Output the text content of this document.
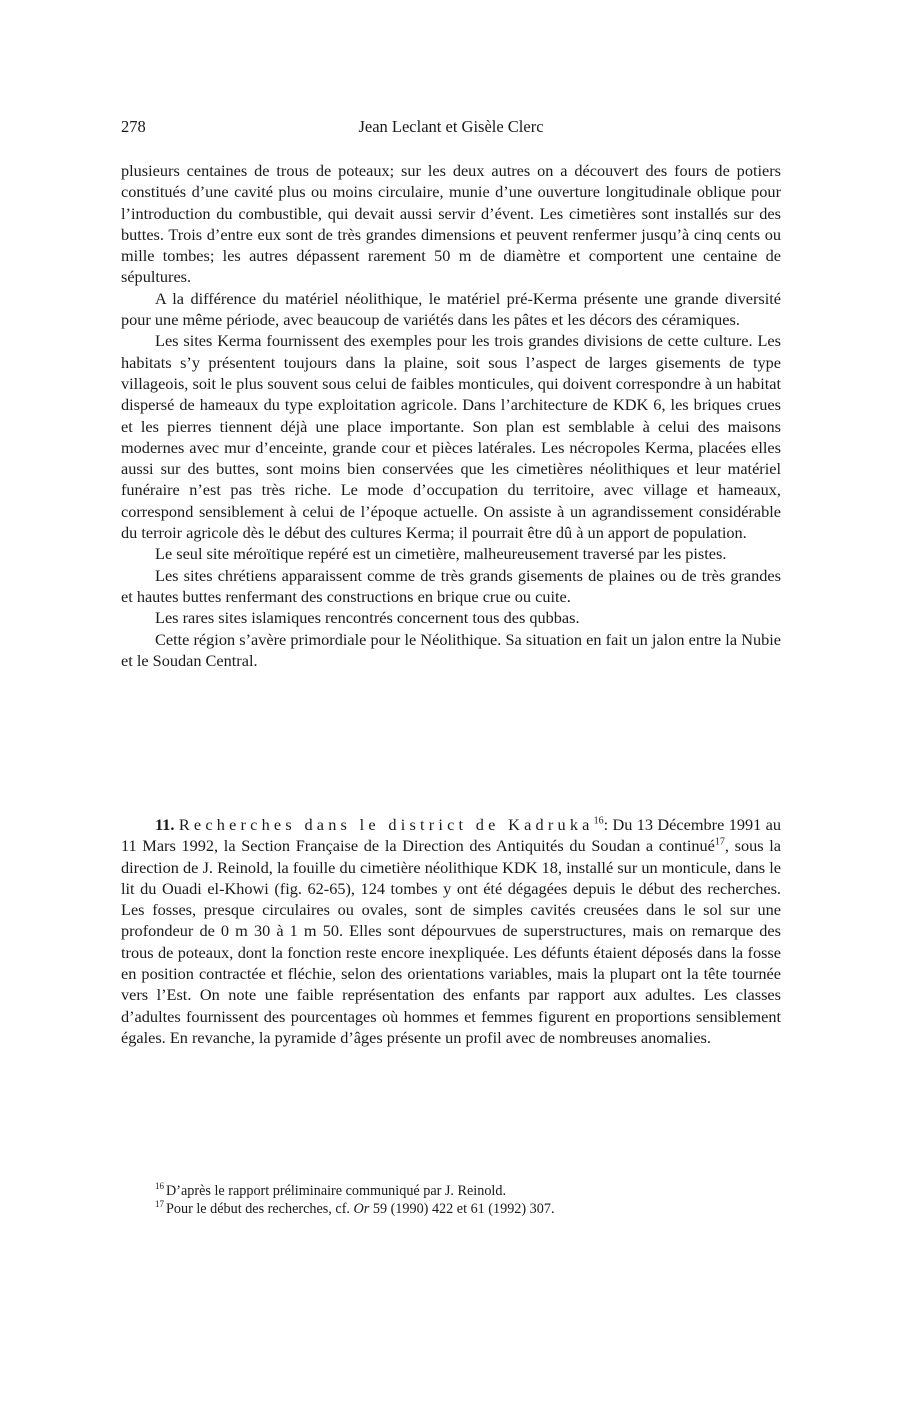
278	Jean Leclant et Gisèle Clerc

plusieurs centaines de trous de poteaux; sur les deux autres on a découvert des fours de potiers constitués d’une cavité plus ou moins circulaire, munie d’une ouverture longitudinale oblique pour l’introduction du combustible, qui devait aussi servir d’évent. Les cimetières sont installés sur des buttes. Trois d’entre eux sont de très grandes dimensions et peuvent renfermer jusqu’à cinq cents ou mille tombes; les autres dépassent rarement 50 m de diamètre et comportent une centaine de sépultures.

A la différence du matériel néolithique, le matériel pré-Kerma présente une grande diversité pour une même période, avec beaucoup de variétés dans les pâtes et les décors des céramiques.

Les sites Kerma fournissent des exemples pour les trois grandes divisions de cette culture. Les habitats s’y présentent toujours dans la plaine, soit sous l’aspect de larges gisements de type villageois, soit le plus souvent sous celui de faibles monticules, qui doivent correspondre à un habitat dispersé de hameaux du type exploitation agricole. Dans l’architecture de KDK 6, les briques crues et les pierres tiennent déjà une place importante. Son plan est semblable à celui des maisons modernes avec mur d’enceinte, grande cour et pièces latérales. Les nécropoles Kerma, placées elles aussi sur des buttes, sont moins bien conservées que les cimetières néolithiques et leur matériel funéraire n’est pas très riche. Le mode d’occupation du territoire, avec village et hameaux, correspond sensiblement à celui de l’époque actuelle. On assiste à un agrandissement considérable du terroir agricole dès le début des cultures Kerma; il pourrait être dû à un apport de population.

Le seul site méroïtique repéré est un cimetière, malheureusement traversé par les pistes.

Les sites chrétiens apparaissent comme de très grands gisements de plaines ou de très grandes et hautes buttes renfermant des constructions en brique crue ou cuite.

Les rares sites islamiques rencontrés concernent tous des qubbas.

Cette région s’avère primordiale pour le Néolithique. Sa situation en fait un jalon entre la Nubie et le Soudan Central.

11. Recherches dans le district de Kadruka$^{16}$: Du 13 Décembre 1991 au 11 Mars 1992, la Section Française de la Direction des Antiquités du Soudan a continué$^{17}$, sous la direction de J. Reinold, la fouille du cimetière néolithique KDK 18, installé sur un monticule, dans le lit du Ouadi el-Khowi (fig. 62-65), 124 tombes y ont été dégagées depuis le début des recherches. Les fosses, presque circulaires ou ovales, sont de simples cavités creusées dans le sol sur une profondeur de 0 m 30 à 1 m 50. Elles sont dépourvues de superstructures, mais on remarque des trous de poteaux, dont la fonction reste encore inexpliquée. Les défunts étaient déposés dans la fosse en position contractée et fléchie, selon des orientations variables, mais la plupart ont la tête tournée vers l’Est. On note une faible représentation des enfants par rapport aux adultes. Les classes d’adultes fournissent des pourcentages où hommes et femmes figurent en proportions sensiblement égales. En revanche, la pyramide d’âges présente un profil avec de nombreuses anomalies.

$^{16}$ D’après le rapport préliminaire communiqué par J. Reinold.

$^{17}$ Pour le début des recherches, cf. Or 59 (1990) 422 et 61 (1992) 307.
